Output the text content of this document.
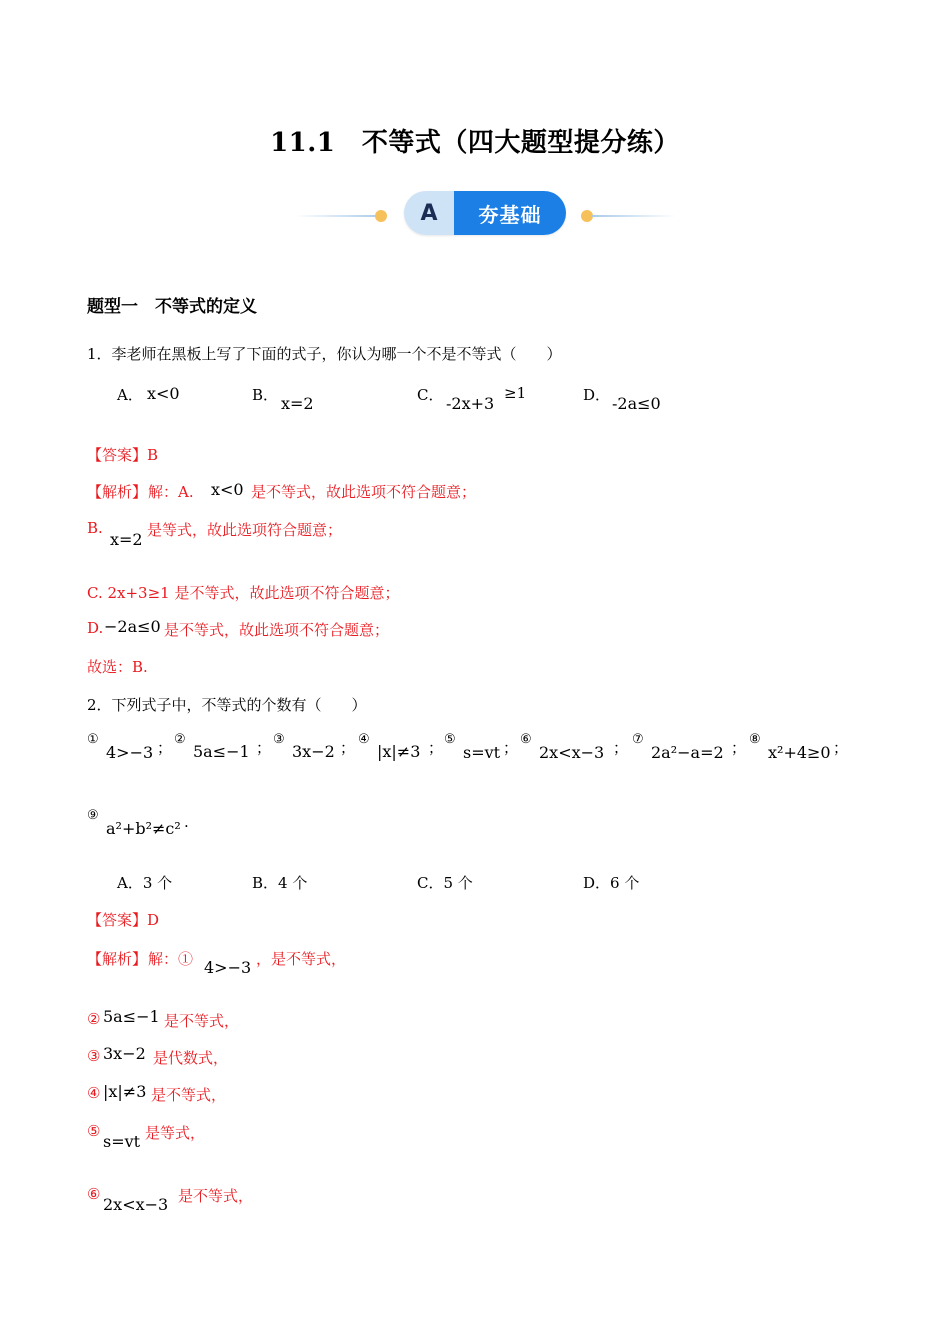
11.1　不等式（四大题型提分练）
A	夯基础
题型一　不等式的定义
1．李老师在黑板上写了下面的式子，你认为哪一个不是不等式（　　）
A． x<0	B． x=2	C． -2x+3
≥1	D． -2a≤0
【答案】B
【解析】 解：A. x<0 是不等式，故此选项不符合题意；
B.
x=2 是等式，故此选项符合题意；
C. 2x+3≥1 是不等式，故此选项不符合题意；
D. −2a≤0 是不等式，故此选项不符合题意；
故选：B.
2．下列式子中，不等式的个数有（　　）
①
4>−3 ； ②
5a≤−1 ； ③
3x−2 ； ④
|x|≠3 ； ⑤
s=vt ； ⑥
2x<x−3 ； ⑦
2a²−a=2 ； ⑧
x²+4≥0 ；
⑨
a²+b²≠c² .
A．3 个	B．4 个	C．5 个	D．6 个
【答案】D
【解析】 解：① 4>−3 ，是不等式，
② 5a≤−1 是不等式，
③ 3x−2 是代数式，
④ |x|≠3 是不等式，
⑤
s=vt 是等式，
⑥
2x<x−3 是不等式，
